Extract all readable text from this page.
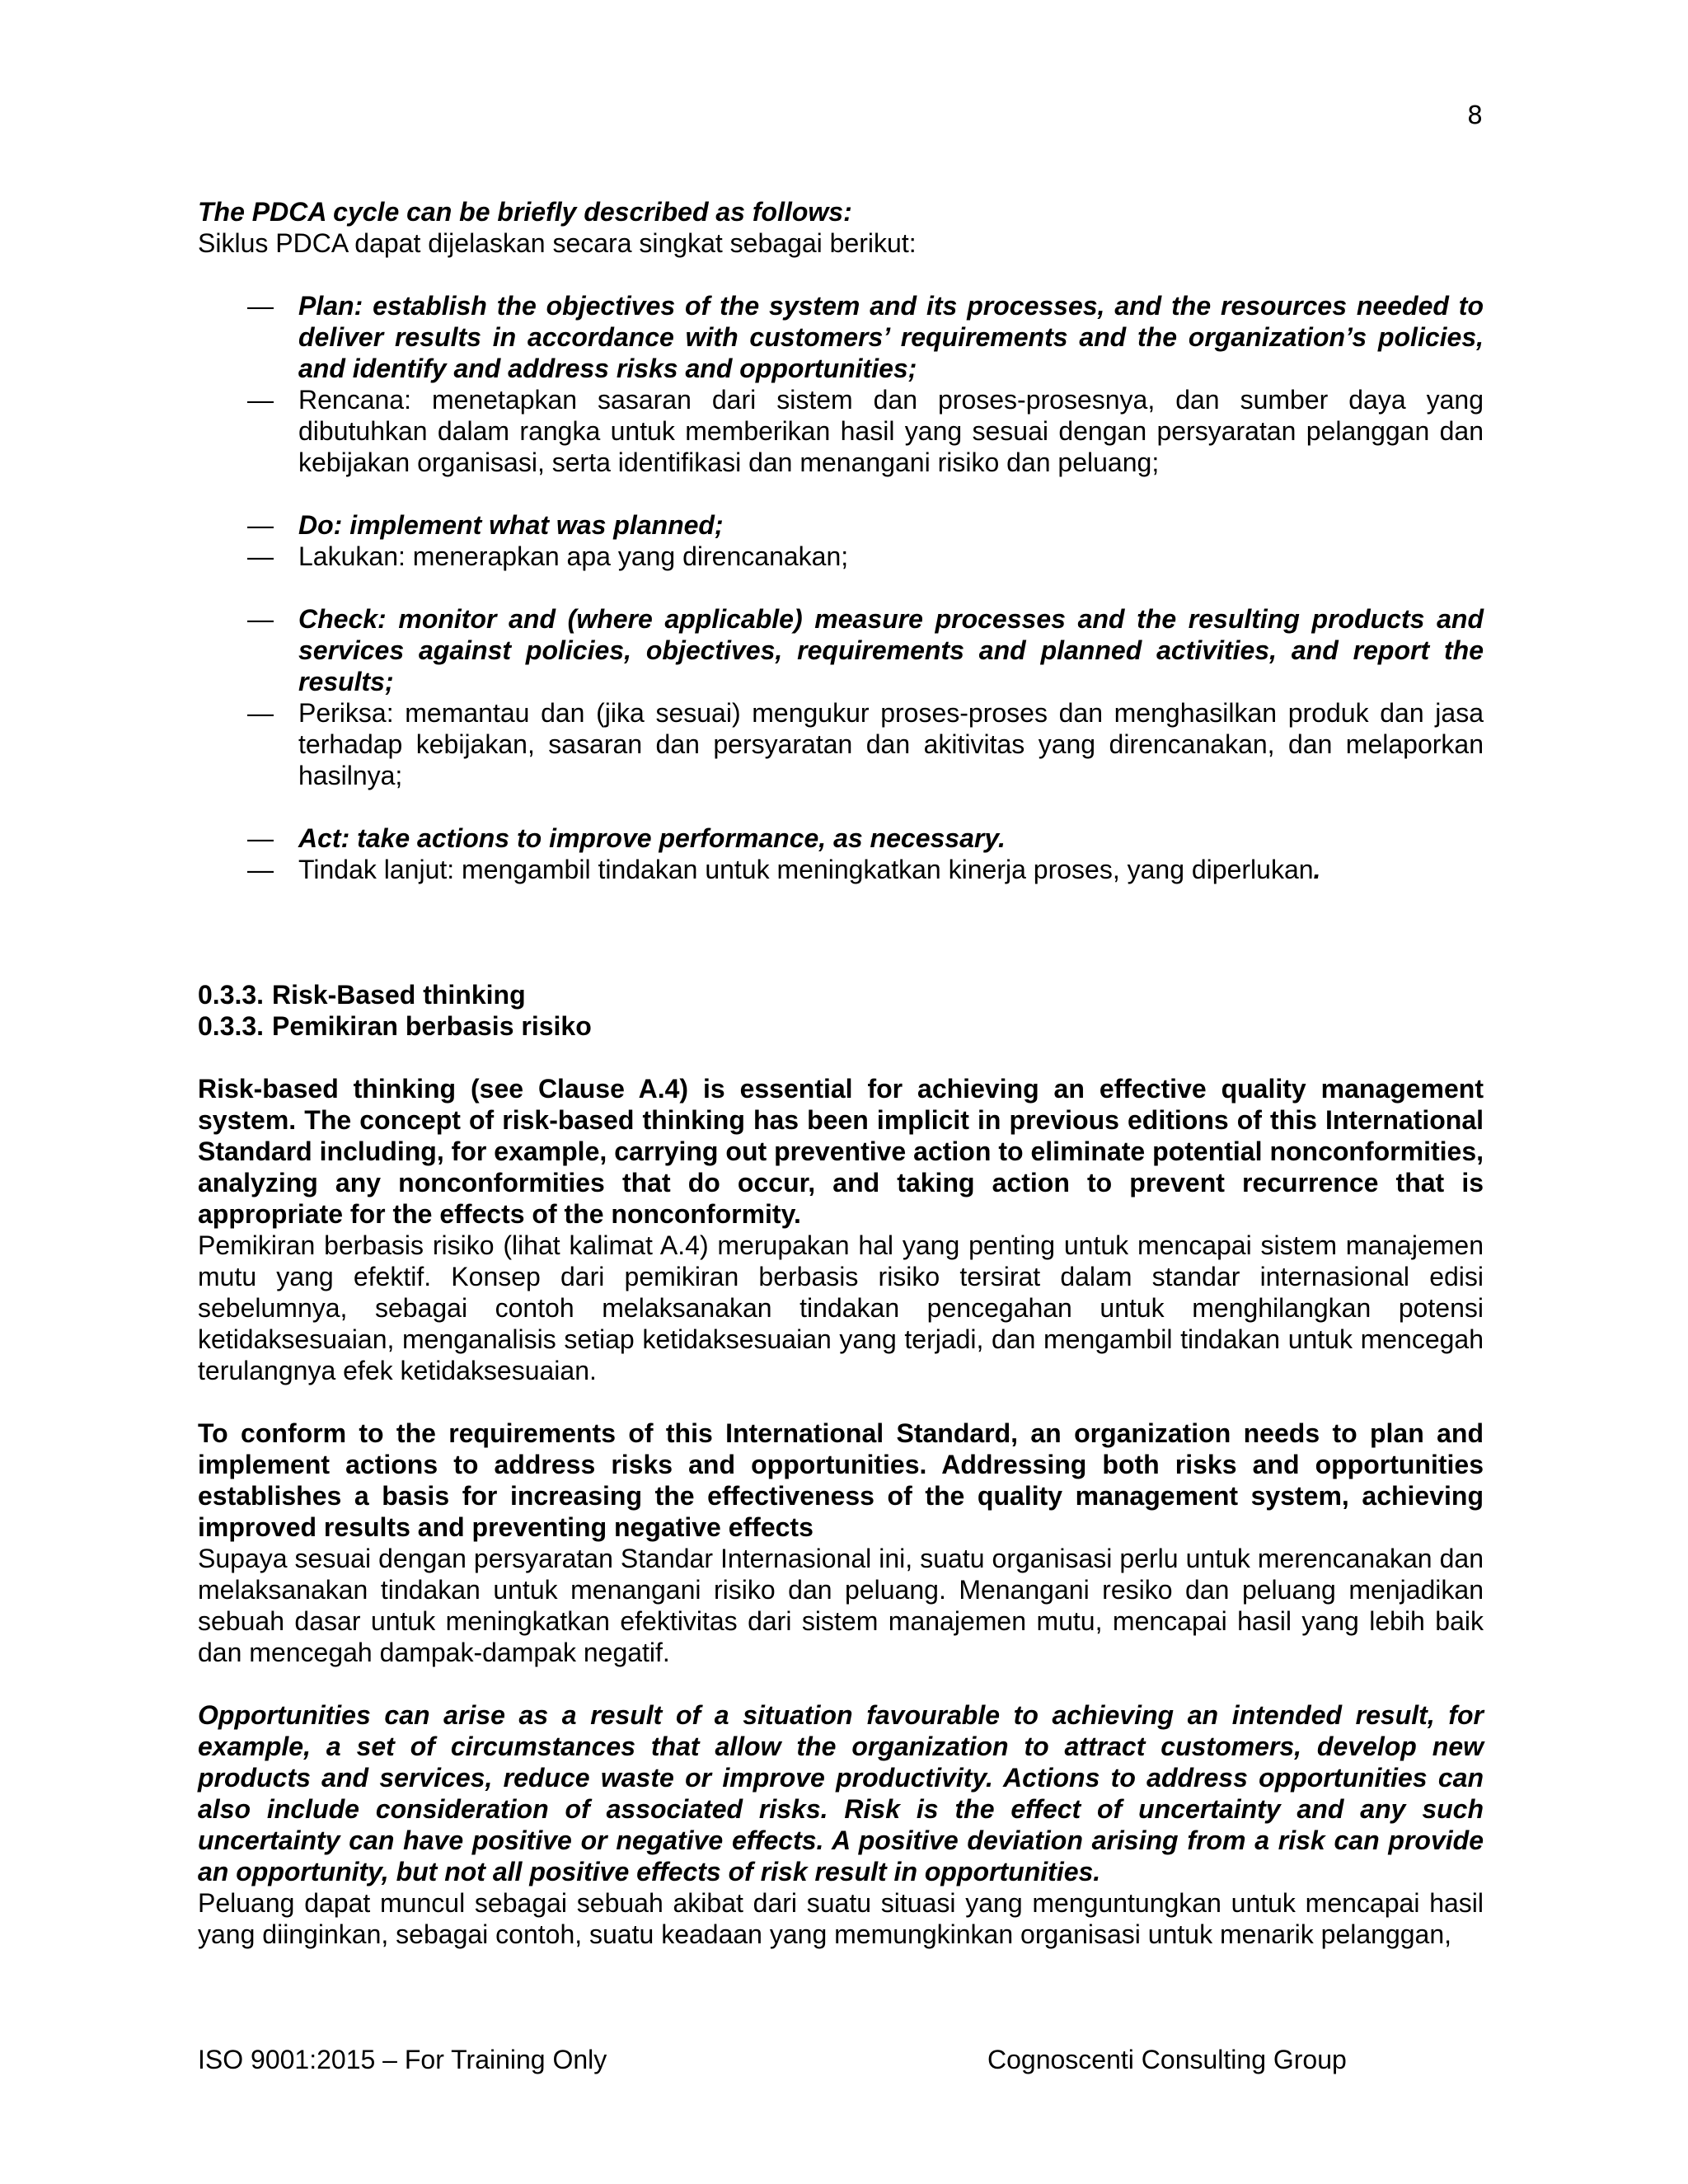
8

The PDCA cycle can be briefly described as follows:

Siklus PDCA dapat dijelaskan secara singkat sebagai berikut:

— Plan: establish the objectives of the system and its processes, and the resources needed to deliver results in accordance with customers’ requirements and the organization’s policies, and identify and address risks and opportunities;
— Rencana: menetapkan sasaran dari sistem dan proses-prosesnya, dan sumber daya yang dibutuhkan dalam rangka untuk memberikan hasil yang sesuai dengan persyaratan pelanggan dan kebijakan organisasi, serta identifikasi dan menangani risiko dan peluang;
— Do: implement what was planned;
— Lakukan: menerapkan apa yang direncanakan;
— Check: monitor and (where applicable) measure processes and the resulting products and services against policies, objectives, requirements and planned activities, and report the results;
— Periksa: memantau dan (jika sesuai) mengukur proses-proses dan menghasilkan produk dan jasa terhadap kebijakan, sasaran dan persyaratan dan akitivitas yang direncanakan, dan melaporkan hasilnya;
— Act: take actions to improve performance, as necessary.
— Tindak lanjut: mengambil tindakan untuk meningkatkan kinerja proses, yang diperlukan.
0.3.3. Risk-Based thinking
0.3.3. Pemikiran berbasis risiko

Risk-based thinking (see Clause A.4) is essential for achieving an effective quality management system. The concept of risk-based thinking has been implicit in previous editions of this International Standard including, for example, carrying out preventive action to eliminate potential nonconformities, analyzing any nonconformities that do occur, and taking action to prevent recurrence that is appropriate for the effects of the nonconformity.

Pemikiran berbasis risiko (lihat kalimat A.4) merupakan hal yang penting untuk mencapai sistem manajemen mutu yang efektif. Konsep dari pemikiran berbasis risiko tersirat dalam standar internasional edisi sebelumnya, sebagai contoh melaksanakan tindakan pencegahan untuk menghilangkan potensi ketidaksesuaian, menganalisis setiap ketidaksesuaian yang terjadi, dan mengambil tindakan untuk mencegah terulangnya efek ketidaksesuaian.

To conform to the requirements of this International Standard, an organization needs to plan and implement actions to address risks and opportunities. Addressing both risks and opportunities establishes a basis for increasing the effectiveness of the quality management system, achieving improved results and preventing negative effects

Supaya sesuai dengan persyaratan Standar Internasional ini, suatu organisasi perlu untuk merencanakan dan melaksanakan tindakan untuk menangani risiko dan peluang. Menangani resiko dan peluang menjadikan sebuah dasar untuk meningkatkan efektivitas dari sistem manajemen mutu, mencapai hasil yang lebih baik dan mencegah dampak-dampak negatif.

Opportunities can arise as a result of a situation favourable to achieving an intended result, for example, a set of circumstances that allow the organization to attract customers, develop new products and services, reduce waste or improve productivity. Actions to address opportunities can also include consideration of associated risks. Risk is the effect of uncertainty and any such uncertainty can have positive or negative effects. A positive deviation arising from a risk can provide an opportunity, but not all positive effects of risk result in opportunities.

Peluang dapat muncul sebagai sebuah akibat dari suatu situasi yang menguntungkan untuk mencapai hasil yang diinginkan, sebagai contoh, suatu keadaan yang memungkinkan organisasi untuk menarik pelanggan,

ISO 9001:2015 – For Training Only	Cognoscenti Consulting Group
